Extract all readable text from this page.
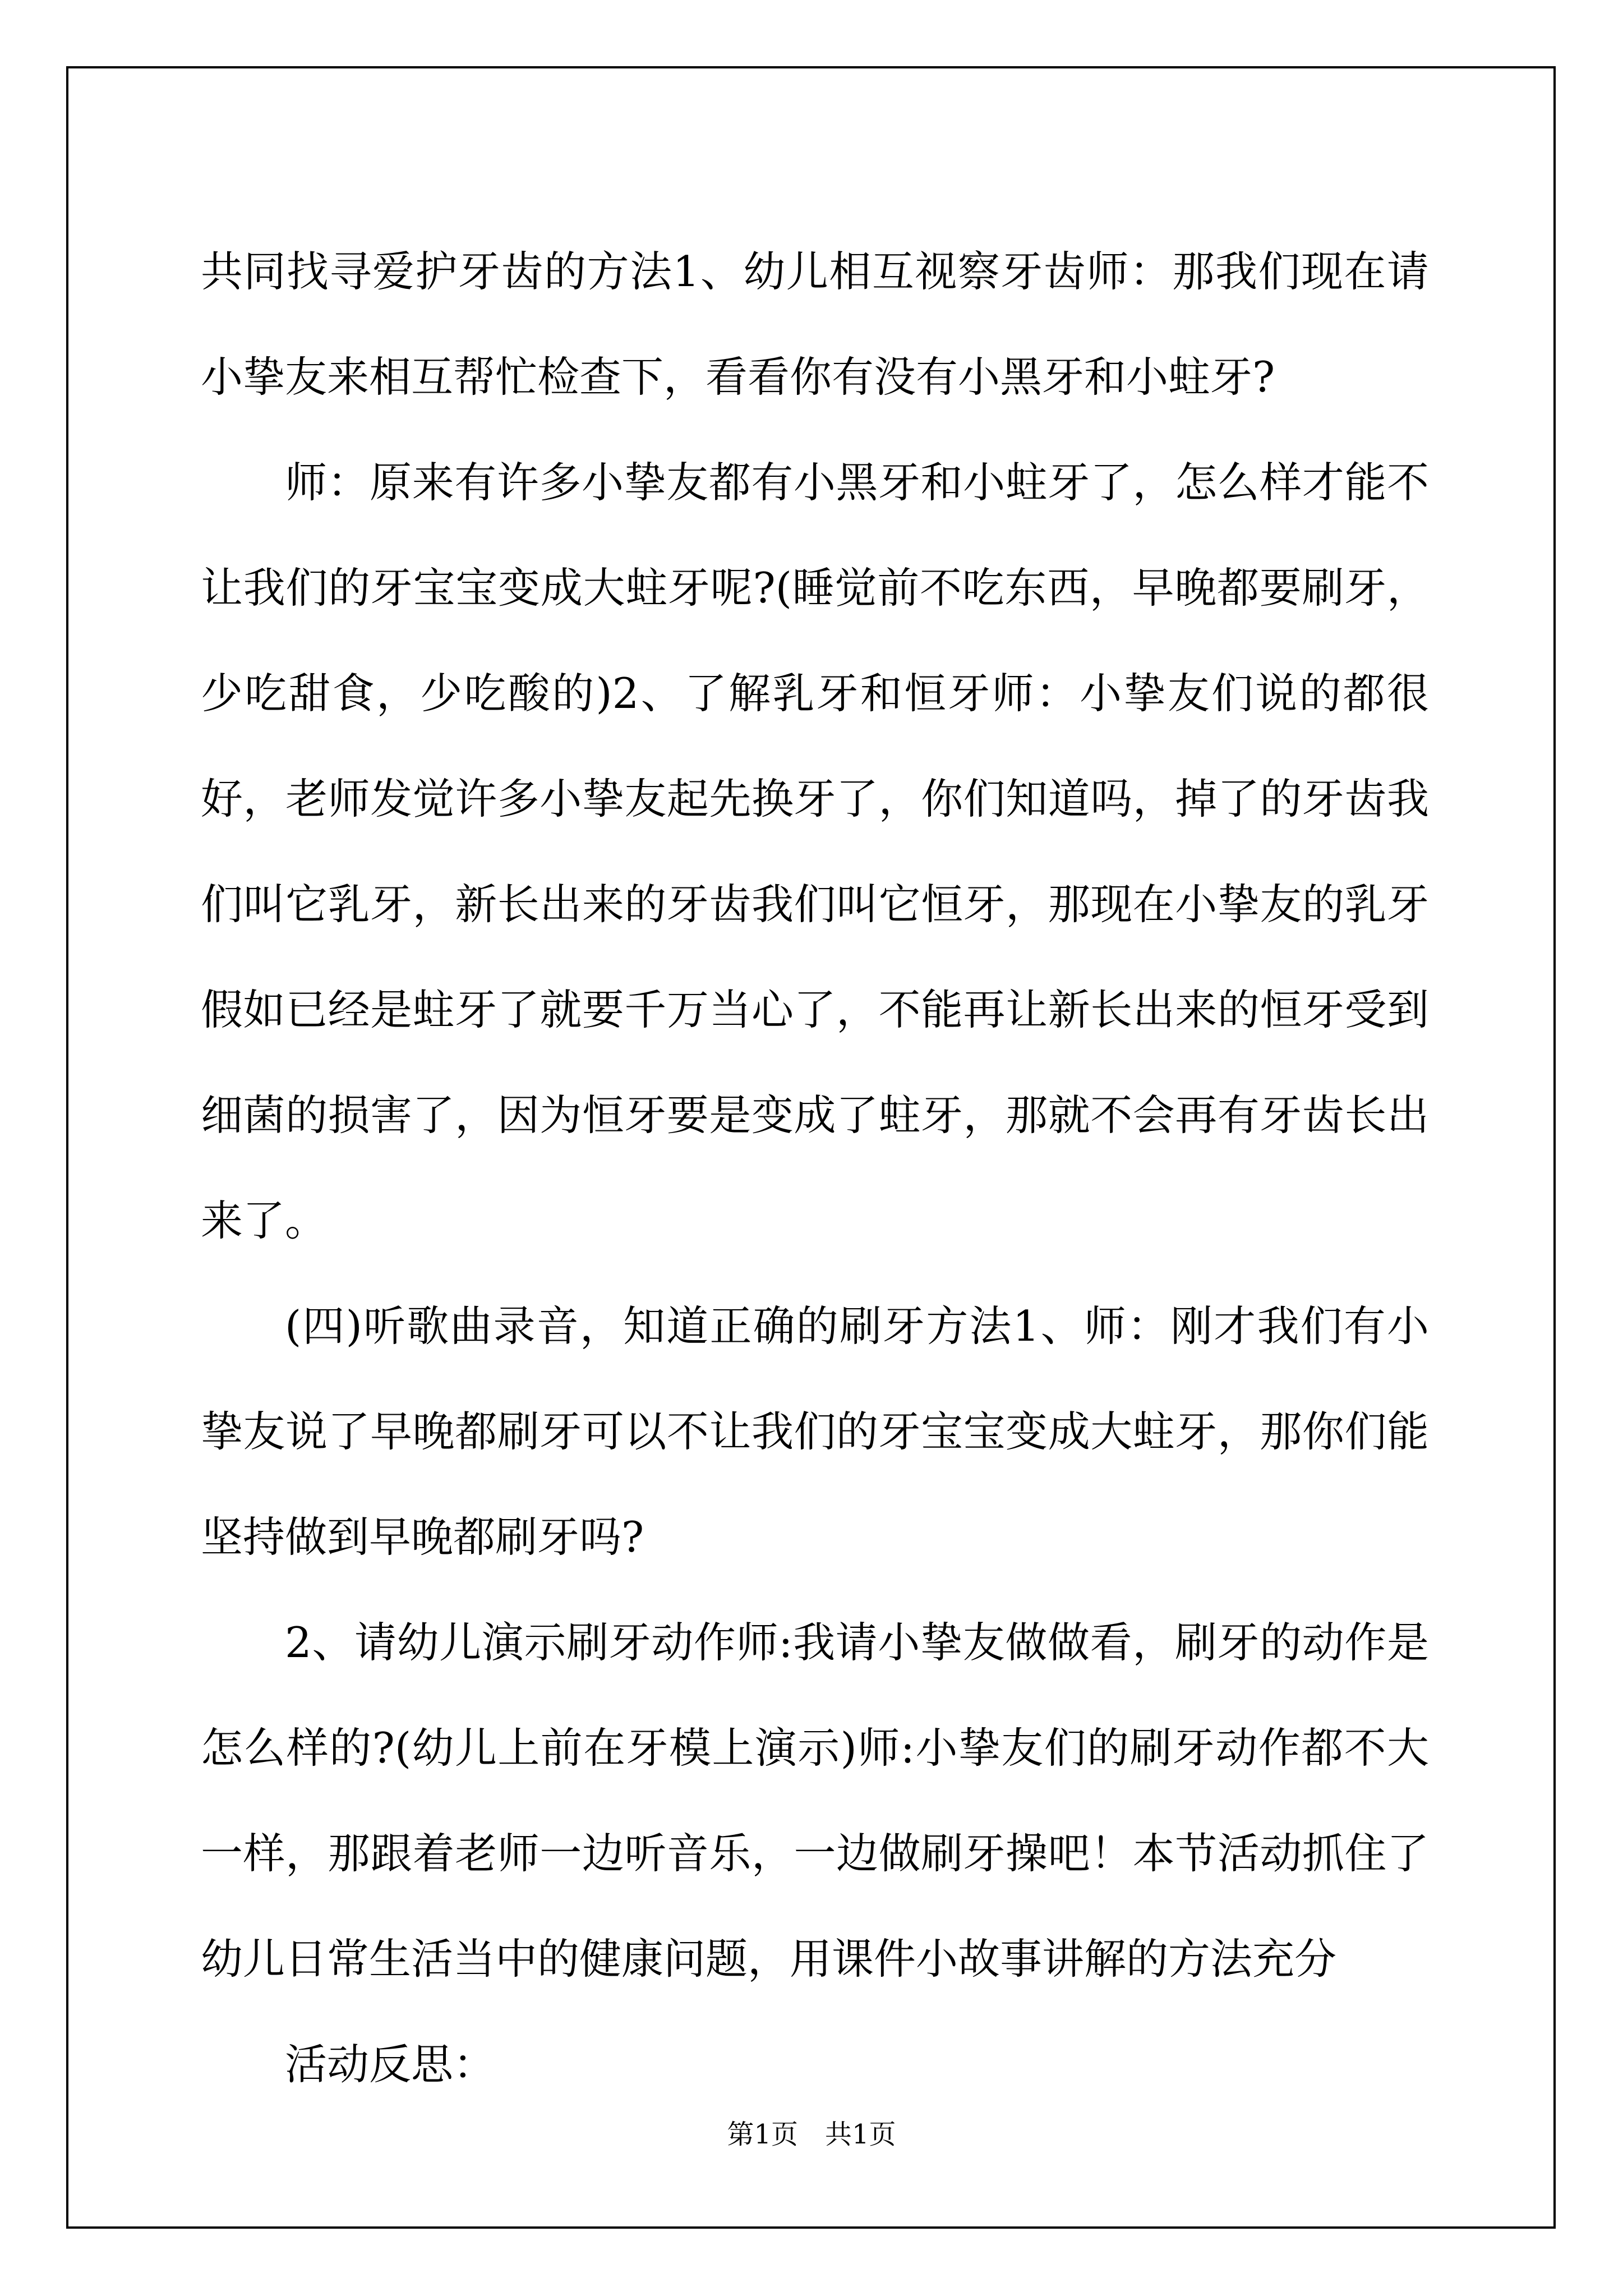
共同找寻爱护牙齿的方法1、幼儿相互视察牙齿师：那我们现在请小挚友来相互帮忙检查下，看看你有没有小黑牙和小蛀牙?

师：原来有许多小挚友都有小黑牙和小蛀牙了，怎么样才能不让我们的牙宝宝变成大蛀牙呢?(睡觉前不吃东西，早晚都要刷牙，少吃甜食，少吃酸的)2、了解乳牙和恒牙师：小挚友们说的都很好，老师发觉许多小挚友起先换牙了，你们知道吗，掉了的牙齿我们叫它乳牙，新长出来的牙齿我们叫它恒牙，那现在小挚友的乳牙假如已经是蛀牙了就要千万当心了，不能再让新长出来的恒牙受到细菌的损害了，因为恒牙要是变成了蛀牙，那就不会再有牙齿长出来了。

(四)听歌曲录音，知道正确的刷牙方法1、师：刚才我们有小挚友说了早晚都刷牙可以不让我们的牙宝宝变成大蛀牙，那你们能坚持做到早晚都刷牙吗?

2、请幼儿演示刷牙动作师:我请小挚友做做看，刷牙的动作是怎么样的?(幼儿上前在牙模上演示)师:小挚友们的刷牙动作都不大一样，那跟着老师一边听音乐，一边做刷牙操吧！本节活动抓住了幼儿日常生活当中的健康问题，用课件小故事讲解的方法充分

活动反思：

第1页 共1页
